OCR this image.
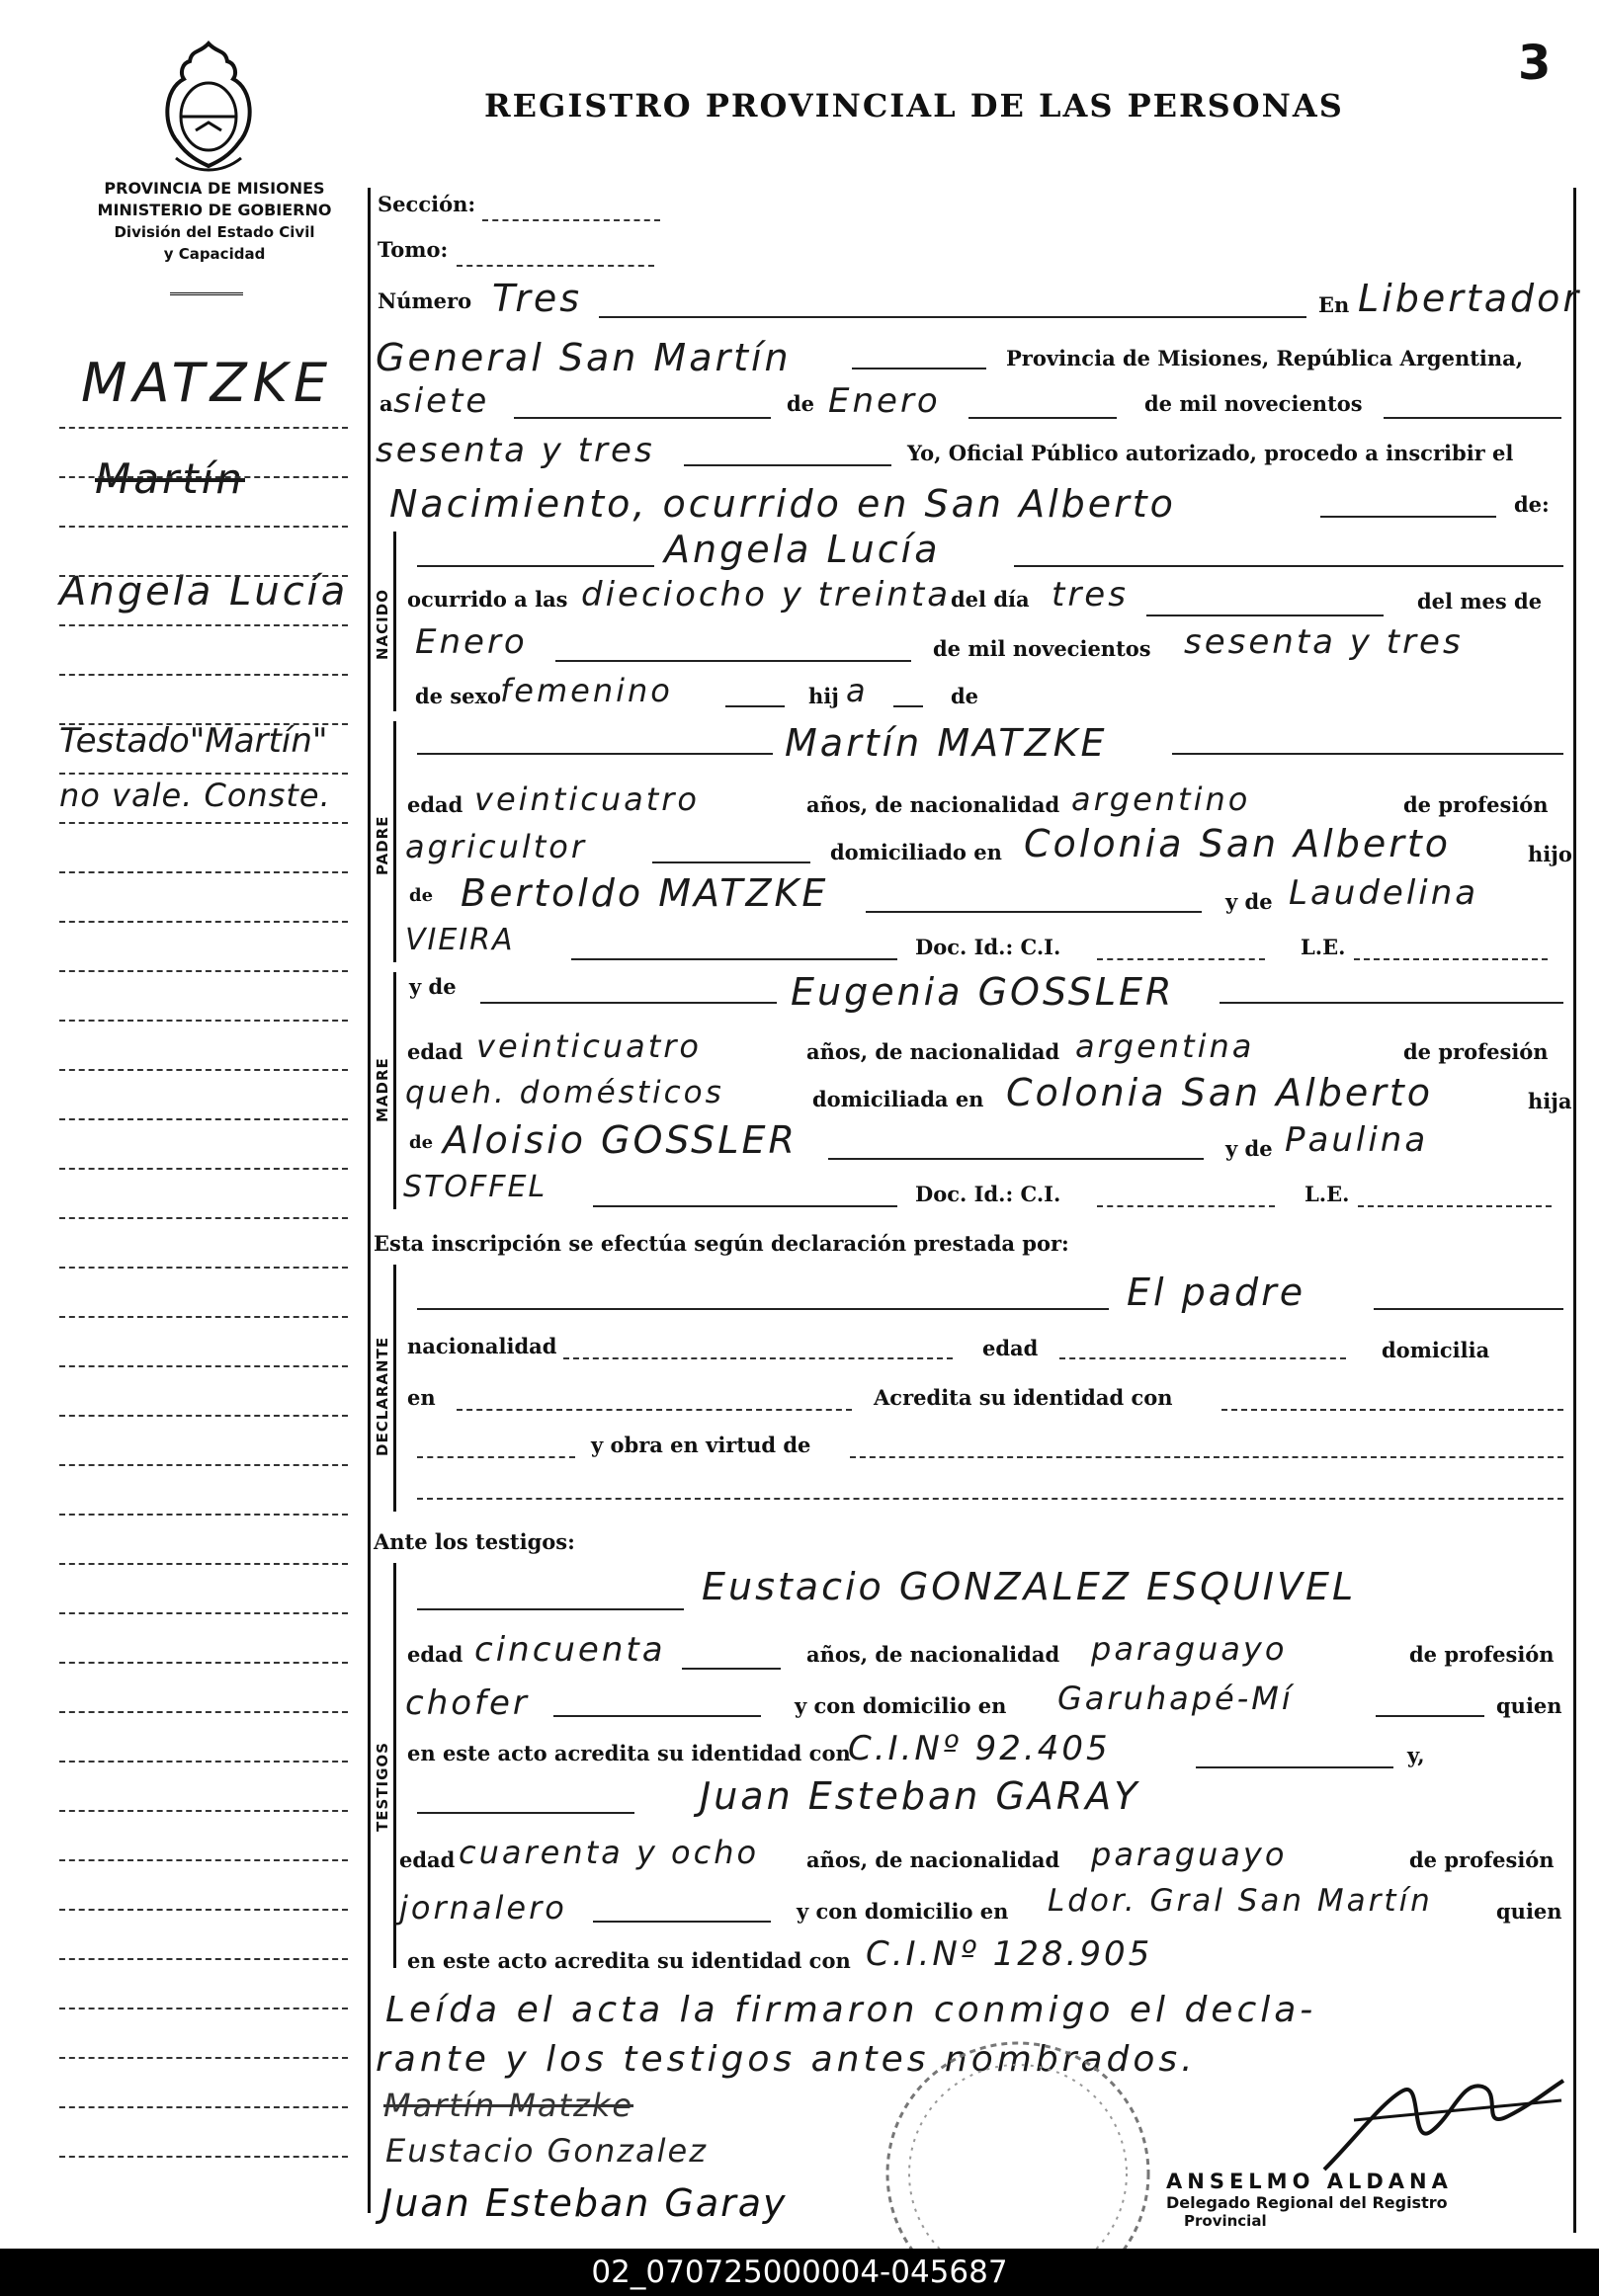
3
REGISTRO PROVINCIAL DE LAS PERSONAS
PROVINCIA DE MISIONES
MINISTERIO DE GOBIERNO
División del Estado Civil
y Capacidad
MATZKE
Martín
Angela Lucía
Testado"Martín"
no vale. Conste.
Sección:
Tomo:
Número Tres	En Libertador
General San Martín	Provincia de Misiones, República Argentina,
a siete	de Enero	de mil novecientos
sesenta y tres	Yo, Oficial Público autorizado, procedo a inscribir el
Nacimiento, ocurrido en San Alberto	de:
NACIDO
Angela Lucía
ocurrido a las dieciocho y treinta del día tres	del mes de
Enero	de mil novecientos sesenta y tres
de sexo
femenino	hij a	de
PADRE
Martín MATZKE
edad veinticuatro	años, de nacionalidad argentino	de profesión
agricultor	domiciliado en Colonia San Alberto	hijo
de Bertoldo MATZKE	y de Laudelina
VIEIRA	Doc. Id.: C.I.	L.E.
MADRE
y de	Eugenia GOSSLER
edad veinticuatro	años, de nacionalidad argentina	de profesión
queh. domésticos	domiciliada en Colonia San Alberto	hija
de Aloisio GOSSLER	y de Paulina
STOFFEL	Doc. Id.: C.I.	L.E.
Esta inscripción se efectúa según declaración prestada por:
DECLARANTE
El padre
nacionalidad	edad	domicilia
en	Acredita su identidad con
y obra en virtud de
Ante los testigos:
TESTIGOS
Eustacio GONZALEZ ESQUIVEL
edad cincuenta	años, de nacionalidad paraguayo	de profesión
chofer	y con domicilio en Garuhapé-Mí	quien
en este acto acredita su identidad con
C.I.Nº 92.405	y,
Juan Esteban GARAY
edad cuarenta y ocho años, de nacionalidad paraguayo	de profesión
jornalero	y con domicilio en Ldor. Gral San Martín	quien
en este acto acredita su identidad con C.I.Nº 128.905
Leída el acta la firmaron conmigo el decla-
rante y los testigos antes nombrados.
Martín Matzke
Eustacio Gonzalez
Juan Esteban Garay	ANSELMO ALDANA
Delegado Regional del Registro
Provincial
02_070725000004-045687
